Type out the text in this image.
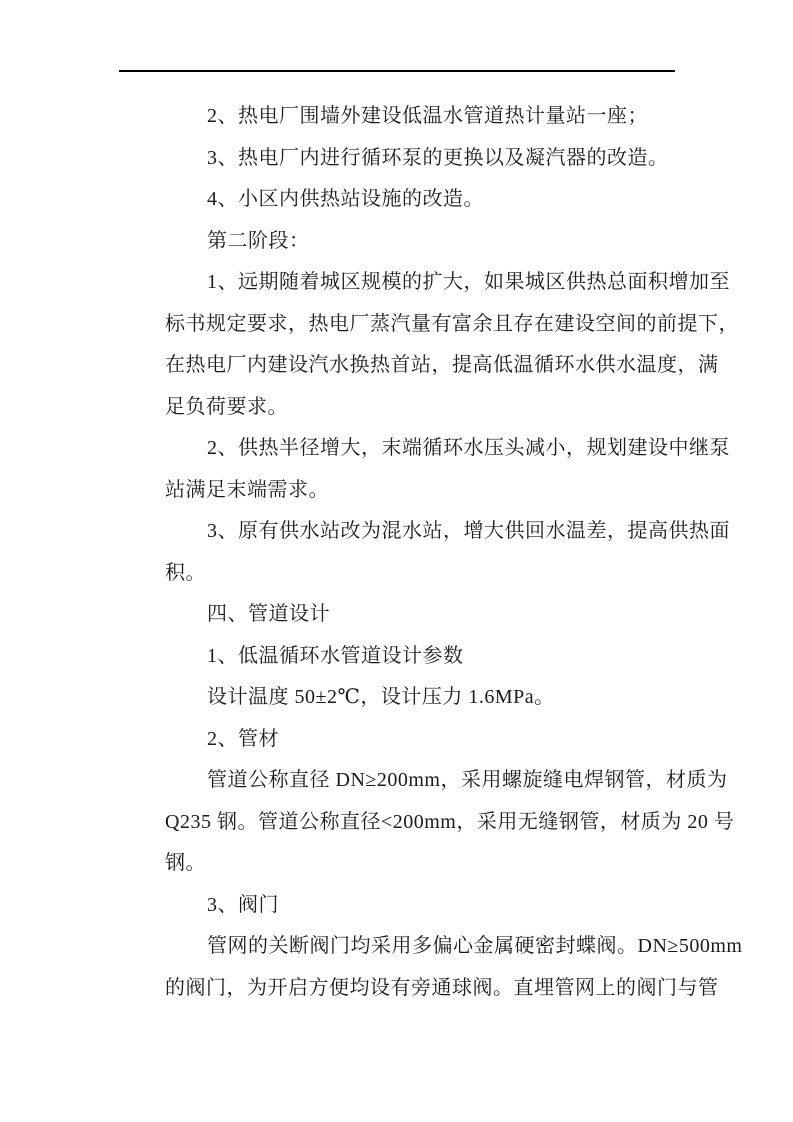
2、热电厂围墙外建设低温水管道热计量站一座；
3、热电厂内进行循环泵的更换以及凝汽器的改造。
4、小区内供热站设施的改造。
第二阶段：
1、远期随着城区规模的扩大，如果城区供热总面积增加至
标书规定要求，热电厂蒸汽量有富余且存在建设空间的前提下，
在热电厂内建设汽水换热首站，提高低温循环水供水温度，满
足负荷要求。
2、供热半径增大，末端循环水压头减小，规划建设中继泵
站满足末端需求。
3、原有供水站改为混水站，增大供回水温差，提高供热面
积。
四、管道设计
1、低温循环水管道设计参数
设计温度 50±2℃，设计压力 1.6MPa。
2、管材
管道公称直径 DN≥200mm，采用螺旋缝电焊钢管，材质为
Q235 钢。管道公称直径<200mm，采用无缝钢管，材质为 20 号
钢。
3、阀门
管网的关断阀门均采用多偏心金属硬密封蝶阀。DN≥500mm
的阀门，为开启方便均设有旁通球阀。直埋管网上的阀门与管
